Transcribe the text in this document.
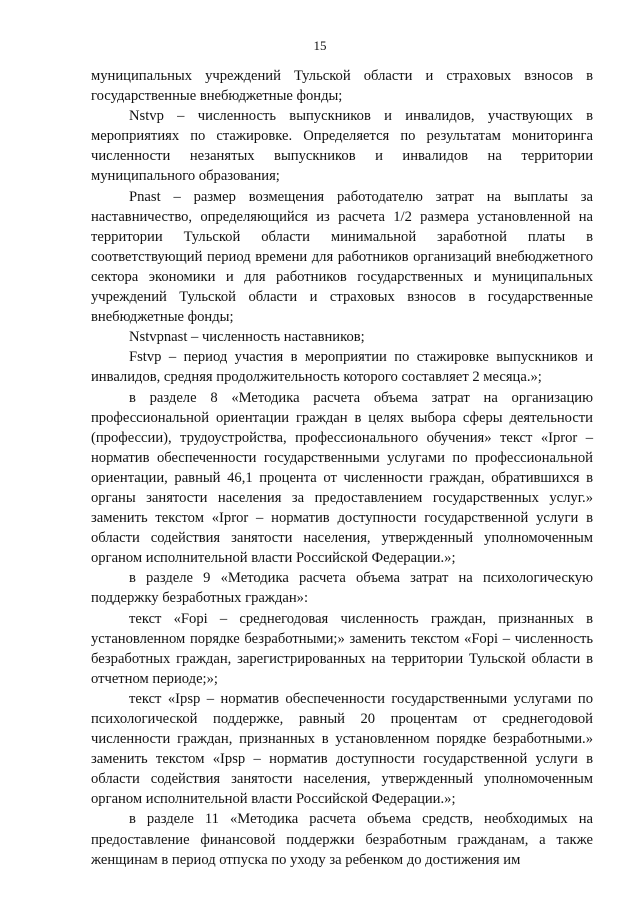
15

муниципальных учреждений Тульской области и страховых взносов в государственные внебюджетные фонды;

Nstvp – численность выпускников и инвалидов, участвующих в мероприятиях по стажировке. Определяется по результатам мониторинга численности незанятых выпускников и инвалидов на территории муниципального образования;

Pnast – размер возмещения работодателю затрат на выплаты за наставничество, определяющийся из расчета 1/2 размера установленной на территории Тульской области минимальной заработной платы в соответствующий период времени для работников организаций внебюджетного сектора экономики и для работников государственных и муниципальных учреждений Тульской области и страховых взносов в государственные внебюджетные фонды;

Nstvpnast – численность наставников;

Fstvp – период участия в мероприятии по стажировке выпускников и инвалидов, средняя продолжительность которого составляет 2 месяца.»;

в разделе 8 «Методика расчета объема затрат на организацию профессиональной ориентации граждан в целях выбора сферы деятельности (профессии), трудоустройства, профессионального обучения» текст «Ipror – норматив обеспеченности государственными услугами по профессиональной ориентации, равный 46,1 процента от численности граждан, обратившихся в органы занятости населения за предоставлением государственных услуг.» заменить текстом «Ipror – норматив доступности государственной услуги в области содействия занятости населения, утвержденный уполномоченным органом исполнительной власти Российской Федерации.»;

в разделе 9 «Методика расчета объема затрат на психологическую поддержку безработных граждан»:

текст «Fopi – среднегодовая численность граждан, признанных в установленном порядке безработными;» заменить текстом «Fopi – численность безработных граждан, зарегистрированных на территории Тульской области в отчетном периоде;»;

текст «Ipsp – норматив обеспеченности государственными услугами по психологической поддержке, равный 20 процентам от среднегодовой численности граждан, признанных в установленном порядке безработными.» заменить текстом «Ipsp – норматив доступности государственной услуги в области содействия занятости населения, утвержденный уполномоченным органом исполнительной власти Российской Федерации.»;

в разделе 11 «Методика расчета объема средств, необходимых на предоставление финансовой поддержки безработным гражданам, а также женщинам в период отпуска по уходу за ребенком до достижения им
